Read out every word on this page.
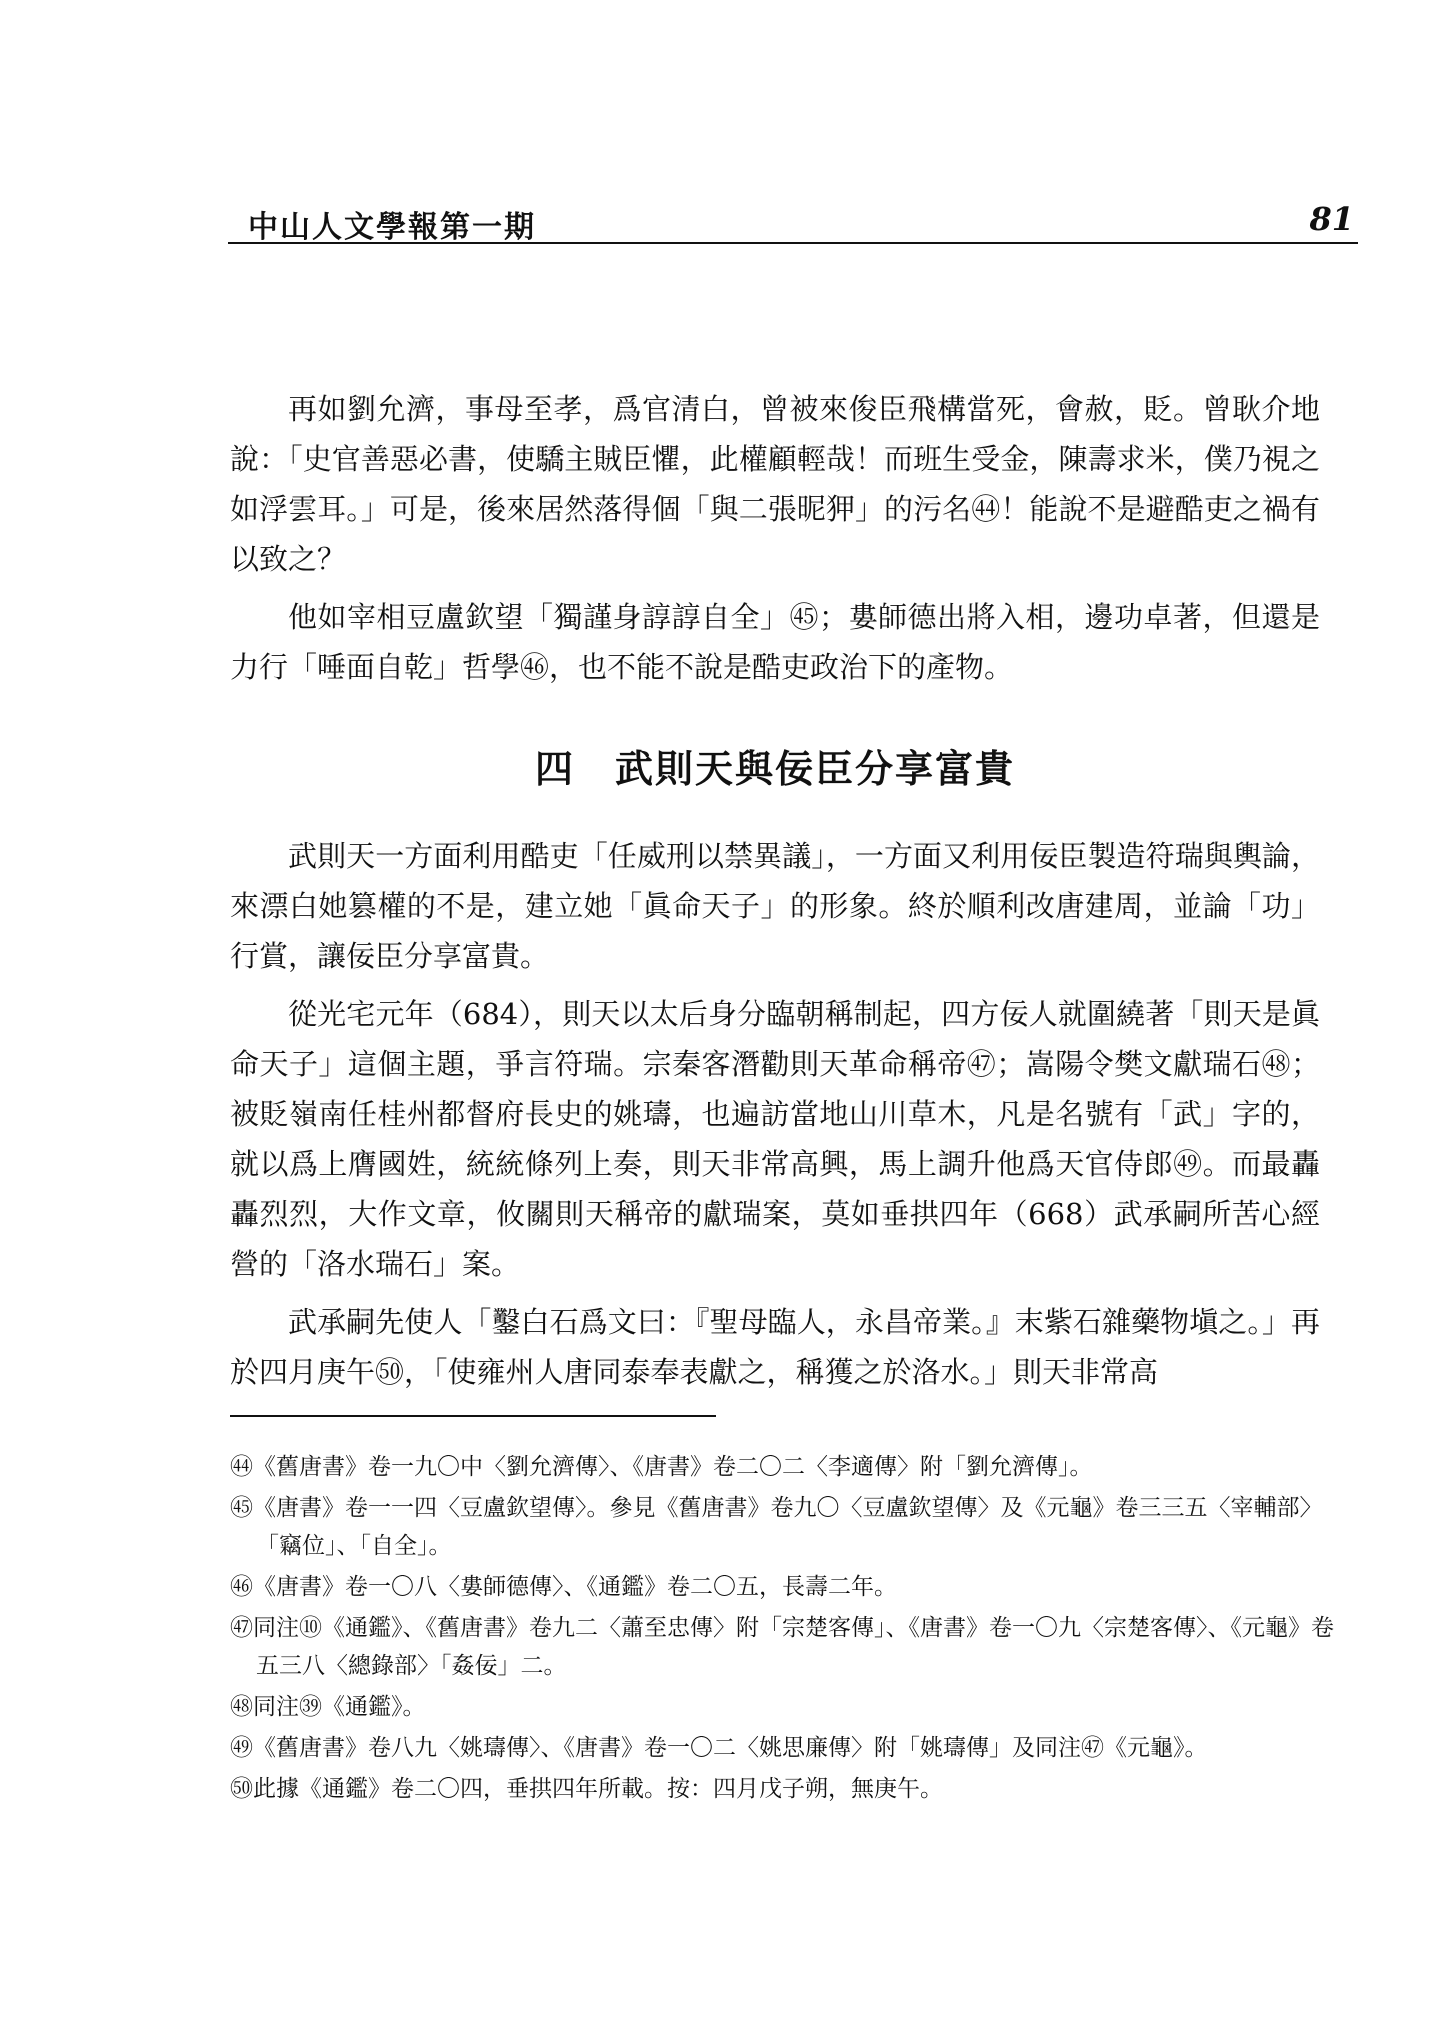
中山人文學報第一期	81

再如劉允濟，事母至孝，爲官清白，曾被來俊臣飛構當死，會赦，貶。曾耿介地說：「史官善惡必書，使驕主賊臣懼，此權顧輕哉！而班生受金，陳壽求米，僕乃視之如浮雲耳。」可是，後來居然落得個「與二張昵狎」的污名㊹！能說不是避酷吏之禍有以致之？

他如宰相豆盧欽望「獨謹身諄諄自全」㊺；婁師德出將入相，邊功卓著，但還是力行「唾面自乾」哲學㊻，也不能不說是酷吏政治下的產物。

四 武則天與佞臣分享富貴

武則天一方面利用酷吏「任威刑以禁異議」，一方面又利用佞臣製造符瑞與輿論，來漂白她篡權的不是，建立她「眞命天子」的形象。終於順利改唐建周，並論「功」行賞，讓佞臣分享富貴。

從光宅元年（684），則天以太后身分臨朝稱制起，四方佞人就圍繞著「則天是眞命天子」這個主題，爭言符瑞。宗秦客潛勸則天革命稱帝㊼；嵩陽令樊文獻瑞石㊽；被貶嶺南任桂州都督府長史的姚璹，也遍訪當地山川草木，凡是名號有「武」字的，就以爲上膺國姓，統統條列上奏，則天非常高興，馬上調升他爲天官侍郎㊾。而最轟轟烈烈，大作文章，攸關則天稱帝的獻瑞案，莫如垂拱四年（668）武承嗣所苦心經營的「洛水瑞石」案。

武承嗣先使人「鑿白石爲文曰：『聖母臨人，永昌帝業。』末紫石雜藥物塡之。」再於四月庚午㊿，「使雍州人唐同泰奉表獻之，稱獲之於洛水。」則天非常高

㊹《舊唐書》卷一九〇中〈劉允濟傳〉、《唐書》卷二〇二〈李適傳〉附「劉允濟傳」。

㊺《唐書》卷一一四〈豆盧欽望傳〉。參見《舊唐書》卷九〇〈豆盧欽望傳〉及《元龜》卷三三五〈宰輔部〉「竊位」、「自全」。

㊻《唐書》卷一〇八〈婁師德傳〉、《通鑑》卷二〇五，長壽二年。

㊼同注⑩《通鑑》、《舊唐書》卷九二〈蕭至忠傳〉附「宗楚客傳」、《唐書》卷一〇九〈宗楚客傳〉、《元龜》卷五三八〈總錄部〉「姦佞」二。

㊽同注㊴《通鑑》。

㊾《舊唐書》卷八九〈姚璹傳〉、《唐書》卷一〇二〈姚思廉傳〉附「姚璹傳」及同注㊼《元龜》。

㊿此據《通鑑》卷二〇四，垂拱四年所載。按：四月戊子朔，無庚午。
